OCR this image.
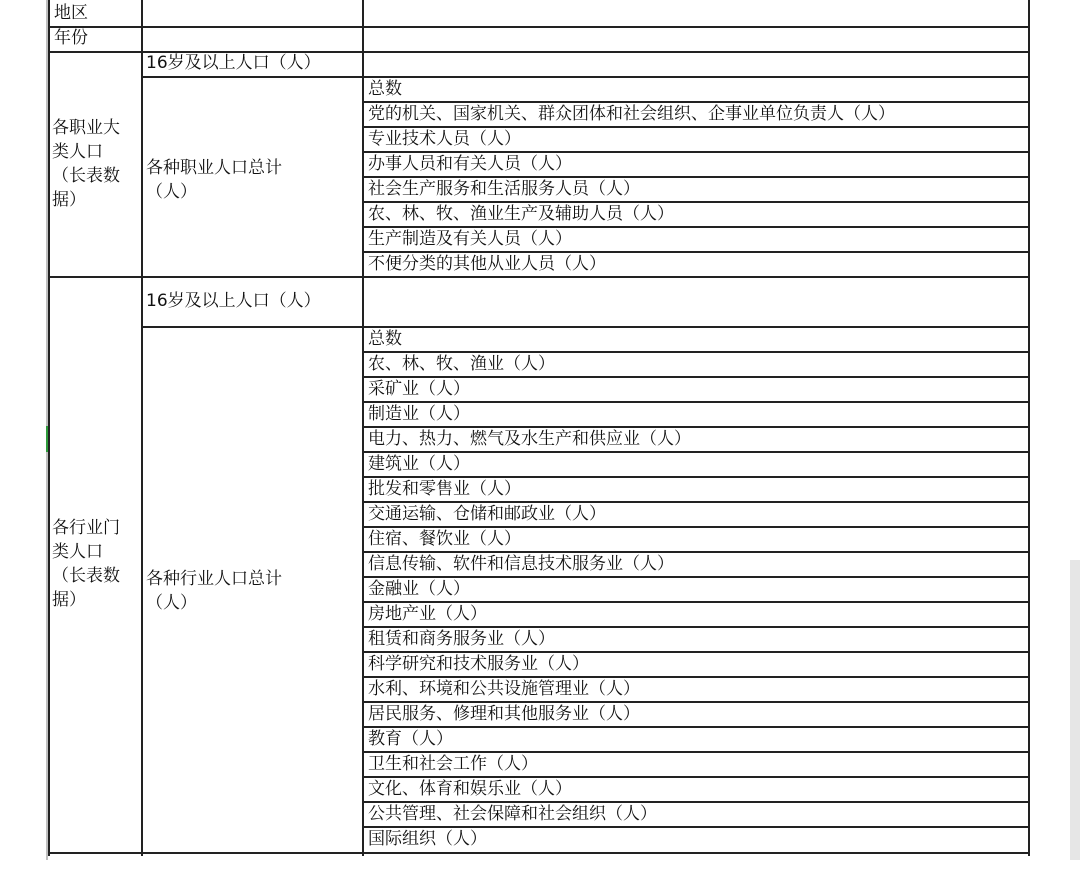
地区
年份
16岁及以上人口（人）
各职业大
类人口
（长表数
据）
各种职业人口总计
（人）
总数
党的机关、国家机关、群众团体和社会组织、企事业单位负责人（人）
专业技术人员（人）
办事人员和有关人员（人）
社会生产服务和生活服务人员（人）
农、林、牧、渔业生产及辅助人员（人）
生产制造及有关人员（人）
不便分类的其他从业人员（人）
16岁及以上人口（人）
各行业门
类人口
（长表数
据）
各种行业人口总计
（人）
总数
农、林、牧、渔业（人）
采矿业（人）
制造业（人）
电力、热力、燃气及水生产和供应业（人）
建筑业（人）
批发和零售业（人）
交通运输、仓储和邮政业（人）
住宿、餐饮业（人）
信息传输、软件和信息技术服务业（人）
金融业（人）
房地产业（人）
租赁和商务服务业（人）
科学研究和技术服务业（人）
水利、环境和公共设施管理业（人）
居民服务、修理和其他服务业（人）
教育（人）
卫生和社会工作（人）
文化、体育和娱乐业（人）
公共管理、社会保障和社会组织（人）
国际组织（人）
